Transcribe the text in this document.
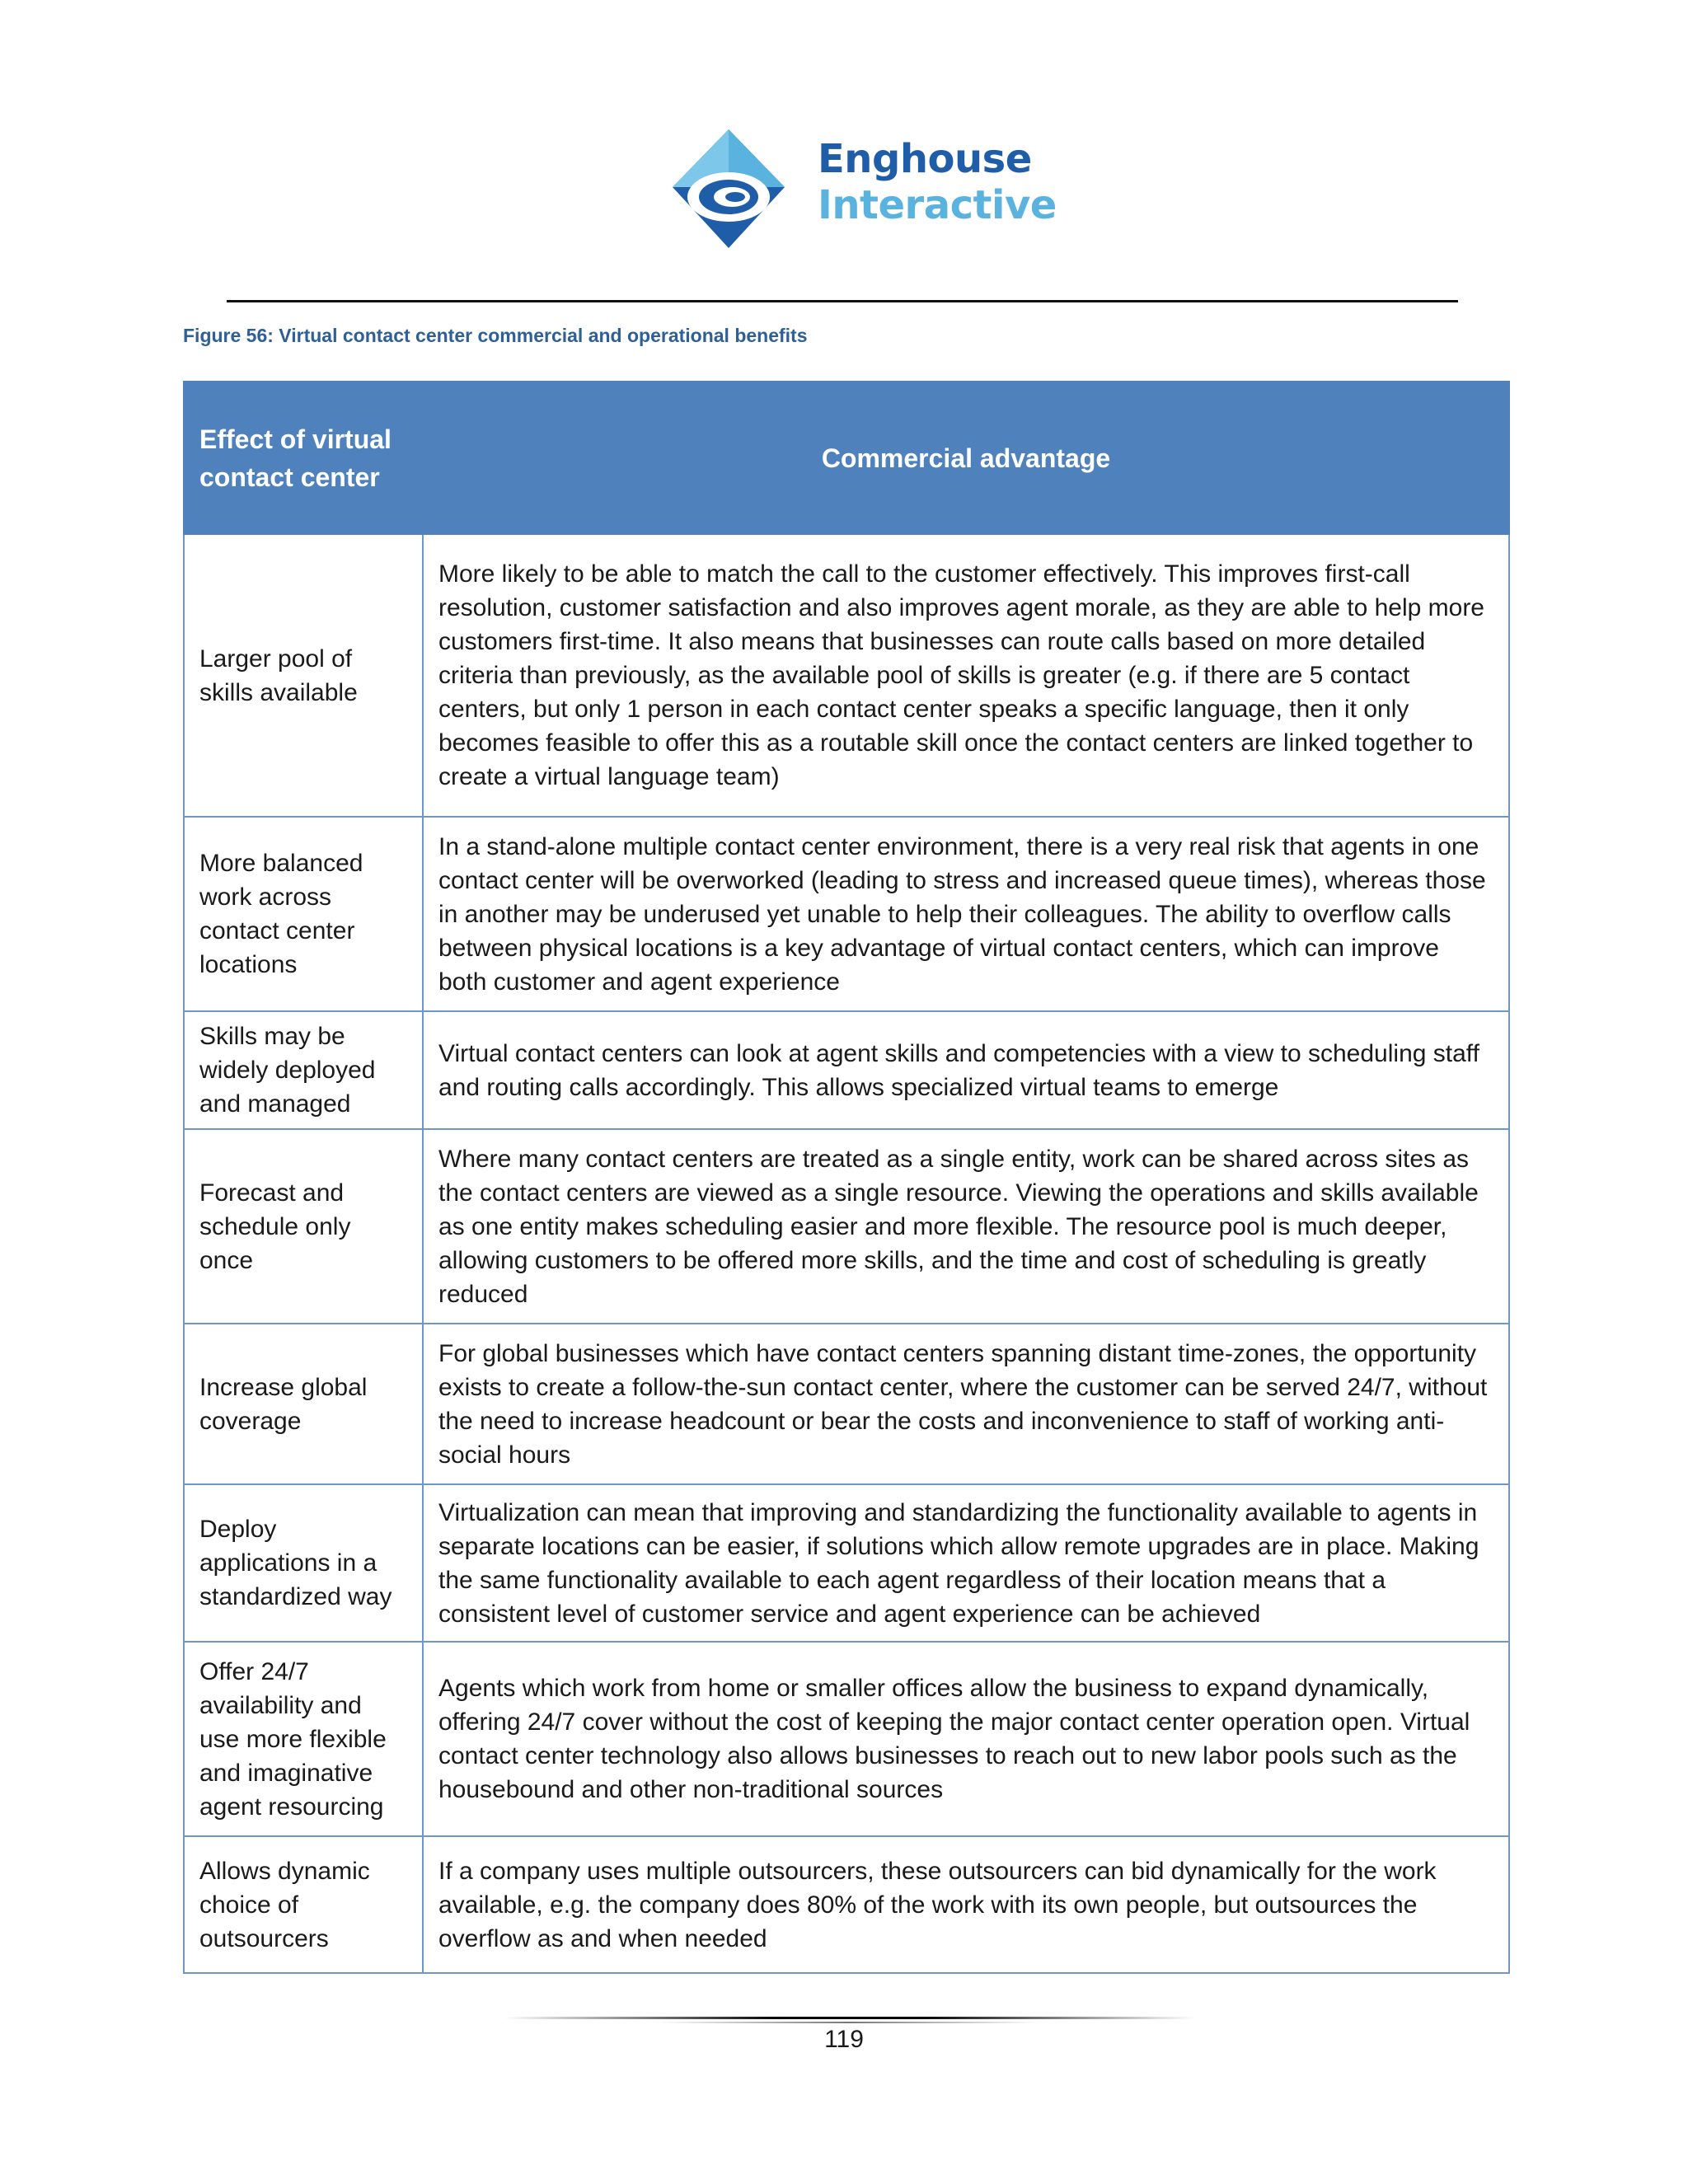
Enghouse
Interactive
Figure 56: Virtual contact center commercial and operational benefits
Effect of virtual contact center	Commercial advantage
Larger pool of skills available	More likely to be able to match the call to the customer effectively. This improves first-call resolution, customer satisfaction and also improves agent morale, as they are able to help more customers first-time. It also means that businesses can route calls based on more detailed criteria than previously, as the available pool of skills is greater (e.g. if there are 5 contact centers, but only 1 person in each contact center speaks a specific language, then it only becomes feasible to offer this as a routable skill once the contact centers are linked together to create a virtual language team)
More balanced work across contact center locations	In a stand-alone multiple contact center environment, there is a very real risk that agents in one contact center will be overworked (leading to stress and increased queue times), whereas those in another may be underused yet unable to help their colleagues. The ability to overflow calls between physical locations is a key advantage of virtual contact centers, which can improve both customer and agent experience
Skills may be widely deployed and managed	Virtual contact centers can look at agent skills and competencies with a view to scheduling staff and routing calls accordingly. This allows specialized virtual teams to emerge
Forecast and schedule only once	Where many contact centers are treated as a single entity, work can be shared across sites as the contact centers are viewed as a single resource. Viewing the operations and skills available as one entity makes scheduling easier and more flexible. The resource pool is much deeper, allowing customers to be offered more skills, and the time and cost of scheduling is greatly reduced
Increase global coverage	For global businesses which have contact centers spanning distant time-zones, the opportunity exists to create a follow-the-sun contact center, where the customer can be served 24/7, without the need to increase headcount or bear the costs and inconvenience to staff of working anti-social hours
Deploy applications in a standardized way	Virtualization can mean that improving and standardizing the functionality available to agents in separate locations can be easier, if solutions which allow remote upgrades are in place. Making the same functionality available to each agent regardless of their location means that a consistent level of customer service and agent experience can be achieved
Offer 24/7 availability and use more flexible and imaginative agent resourcing	Agents which work from home or smaller offices allow the business to expand dynamically, offering 24/7 cover without the cost of keeping the major contact center operation open. Virtual contact center technology also allows businesses to reach out to new labor pools such as the housebound and other non-traditional sources
Allows dynamic choice of outsourcers	If a company uses multiple outsourcers, these outsourcers can bid dynamically for the work available, e.g. the company does 80% of the work with its own people, but outsources the overflow as and when needed
119
